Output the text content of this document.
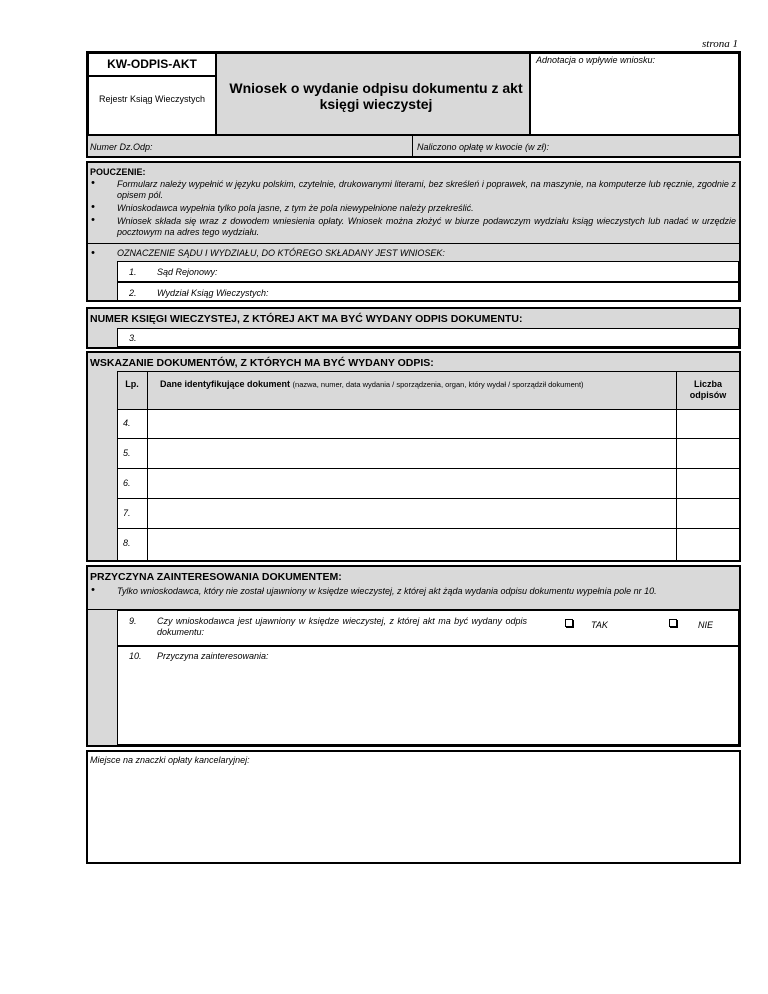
strona 1
KW-ODPIS-AKT
Rejestr Ksiąg Wieczystych
Wniosek o wydanie odpisu dokumentu z akt księgi wieczystej
Adnotacja o wpływie wniosku:
Numer Dz.Odp:	Naliczono opłatę w kwocie (w zł):
POUCZENIE:
• Formularz należy wypełnić w języku polskim, czytelnie, drukowanymi literami, bez skreśleń i poprawek, na maszynie, na komputerze lub ręcznie, zgodnie z opisem pól.
• Wnioskodawca wypełnia tylko pola jasne, z tym że pola niewypełnione należy przekreślić.
• Wniosek składa się wraz z dowodem wniesienia opłaty. Wniosek można złożyć w biurze podawczym wydziału ksiąg wieczystych lub nadać w urzędzie pocztowym na adres tego wydziału.
• OZNACZENIE SĄDU I WYDZIAŁU, DO KTÓREGO SKŁADANY JEST WNIOSEK:
1. Sąd Rejonowy:
2. Wydział Ksiąg Wieczystych:
NUMER KSIĘGI WIECZYSTEJ, Z KTÓREJ AKT MA BYĆ WYDANY ODPIS DOKUMENTU:
3.
WSKAZANIE DOKUMENTÓW, Z KTÓRYCH MA BYĆ WYDANY ODPIS:
Lp.	Dane identyfikujące dokument (nazwa, numer, data wydania / sporządzenia, organ, który wydał / sporządził dokument)	Liczba odpisów
4.
5.
6.
7.
8.
PRZYCZYNA ZAINTERESOWANIA DOKUMENTEM:
• Tylko wnioskodawca, który nie został ujawniony w księdze wieczystej, z której akt żąda wydania odpisu dokumentu wypełnia pole nr 10.
9. Czy wnioskodawca jest ujawniony w księdze wieczystej, z której akt ma być wydany odpis dokumentu:
TAK	NIE
10. Przyczyna zainteresowania:
Miejsce na znaczki opłaty kancelaryjnej:
